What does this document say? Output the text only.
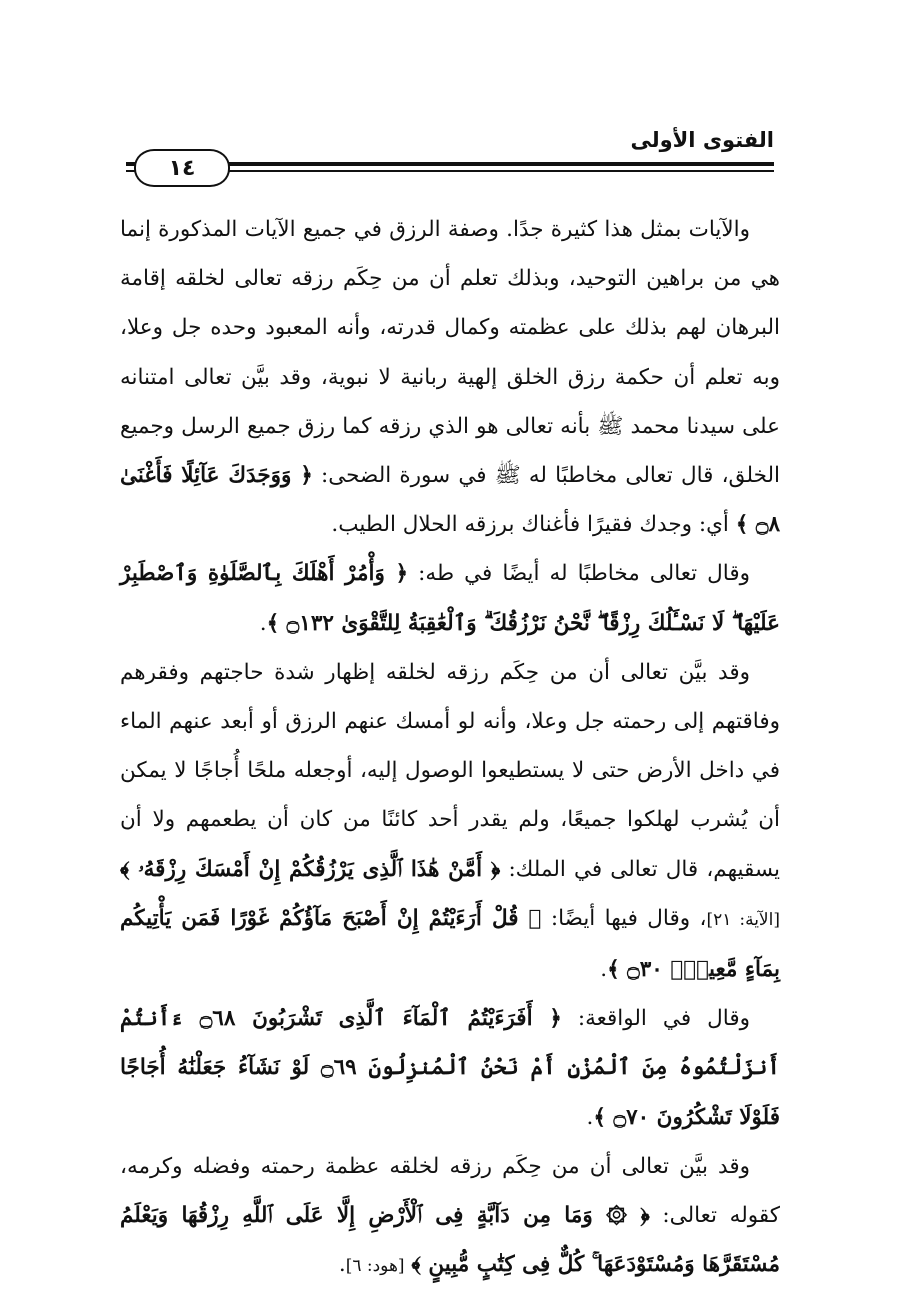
الفتوى الأولى
١٤

والآيات بمثل هذا كثيرة جدًا. وصفة الرزق في جميع الآيات المذكورة إنما هي من براهين التوحيد، وبذلك تعلم أن من حِكَم رزقه تعالى لخلقه إقامة البرهان لهم بذلك على عظمته وكمال قدرته، وأنه المعبود وحده جل وعلا، وبه تعلم أن حكمة رزق الخلق إلهية ربانية لا نبوية، وقد بيَّن تعالى امتنانه على سيدنا محمد ﷺ بأنه تعالى هو الذي رزقه كما رزق جميع الرسل وجميع الخلق، قال تعالى مخاطبًا له ﷺ في سورة الضحى: ﴿ وَوَجَدَكَ عَآئِلًا فَأَغْنَىٰ ۝٨ ﴾ أي: وجدك فقيرًا فأغناك برزقه الحلال الطيب.

وقال تعالى مخاطبًا له أيضًا في طه: ﴿ وَأْمُرْ أَهْلَكَ بِٱلصَّلَوٰةِ وَٱصْطَبِرْ عَلَيْهَا ۖ لَا نَسْـَٔلُكَ رِزْقًا ۖ نَّحْنُ نَرْزُقُكَ ۗ وَٱلْعَٰقِبَةُ لِلتَّقْوَىٰ ۝١٣٢ ﴾.

وقد بيَّن تعالى أن من حِكَم رزقه لخلقه إظهار شدة حاجتهم وفقرهم وفاقتهم إلى رحمته جل وعلا، وأنه لو أمسك عنهم الرزق أو أبعد عنهم الماء في داخل الأرض حتى لا يستطيعوا الوصول إليه، أوجعله ملحًا أُجاجًا لا يمكن أن يُشرب لهلكوا جميعًا، ولم يقدر أحد كائنًا من كان أن يطعمهم ولا أن يسقيهم، قال تعالى في الملك: ﴿ أَمَّنْ هَٰذَا ٱلَّذِى يَرْزُقُكُمْ إِنْ أَمْسَكَ رِزْقَهُۥ ﴾ [الآية: ٢١]، وقال فيها أيضًا: ﴿ قُلْ أَرَءَيْتُمْ إِنْ أَصْبَحَ مَآؤُكُمْ غَوْرًا فَمَن يَأْتِيكُم بِمَآءٍ مَّعِينٍۭ ۝٣٠ ﴾.

وقال في الواقعة: ﴿ أَفَرَءَيْتُمُ ٱلْمَآءَ ٱلَّذِى تَشْرَبُونَ ۝٦٨ ءَأَنتُمْ أَنزَلْتُمُوهُ مِنَ ٱلْمُزْنِ أَمْ نَحْنُ ٱلْمُنزِلُونَ ۝٦٩ لَوْ نَشَآءُ جَعَلْنَٰهُ أُجَاجًا فَلَوْلَا تَشْكُرُونَ ۝٧٠ ﴾.

وقد بيَّن تعالى أن من حِكَم رزقه لخلقه عظمة رحمته وفضله وكرمه، كقوله تعالى: ﴿ ۞ وَمَا مِن دَآبَّةٍ فِى ٱلْأَرْضِ إِلَّا عَلَى ٱللَّهِ رِزْقُهَا وَيَعْلَمُ مُسْتَقَرَّهَا وَمُسْتَوْدَعَهَا ۚ كُلٌّ فِى كِتَٰبٍ مُّبِينٍ ﴾ [هود: ٦].
